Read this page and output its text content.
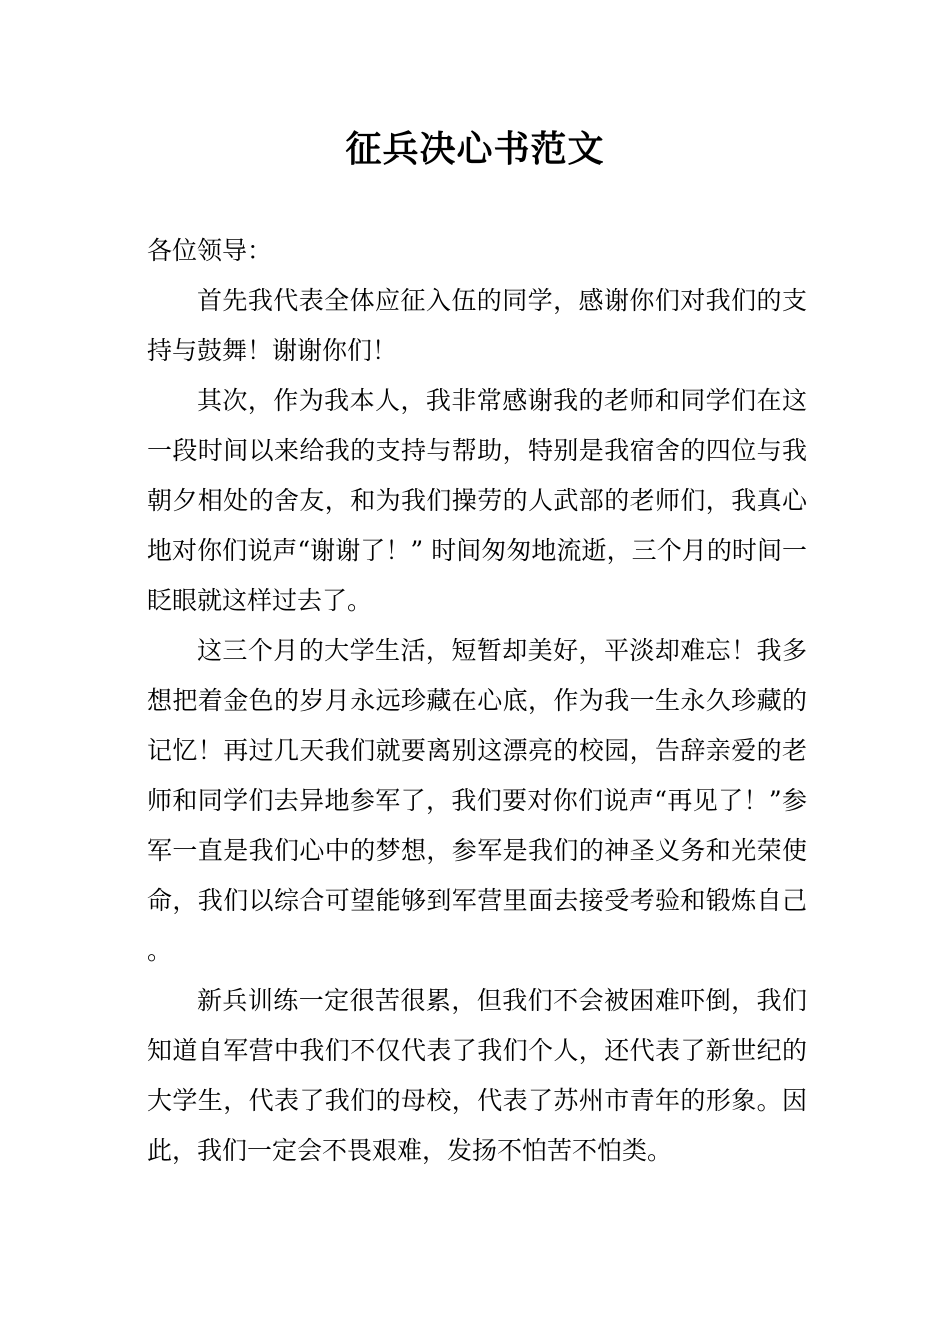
征兵决心书范文

各位领导：

首先我代表全体应征入伍的同学，感谢你们对我们的支持与鼓舞！谢谢你们！

其次，作为我本人，我非常感谢我的老师和同学们在这一段时间以来给我的支持与帮助，特别是我宿舍的四位与我朝夕相处的舍友，和为我们操劳的人武部的老师们，我真心地对你们说声“谢谢了！” 时间匆匆地流逝，三个月的时间一眨眼就这样过去了。

这三个月的大学生活，短暂却美好，平淡却难忘！我多想把着金色的岁月永远珍藏在心底，作为我一生永久珍藏的记忆！再过几天我们就要离别这漂亮的校园，告辞亲爱的老师和同学们去异地参军了，我们要对你们说声“再见了！”参军一直是我们心中的梦想，参军是我们的神圣义务和光荣使命，我们以综合可望能够到军营里面去接受考验和锻炼自己。

新兵训练一定很苦很累，但我们不会被困难吓倒，我们知道自军营中我们不仅代表了我们个人，还代表了新世纪的大学生，代表了我们的母校，代表了苏州市青年的形象。因此，我们一定会不畏艰难，发扬不怕苦不怕类。
